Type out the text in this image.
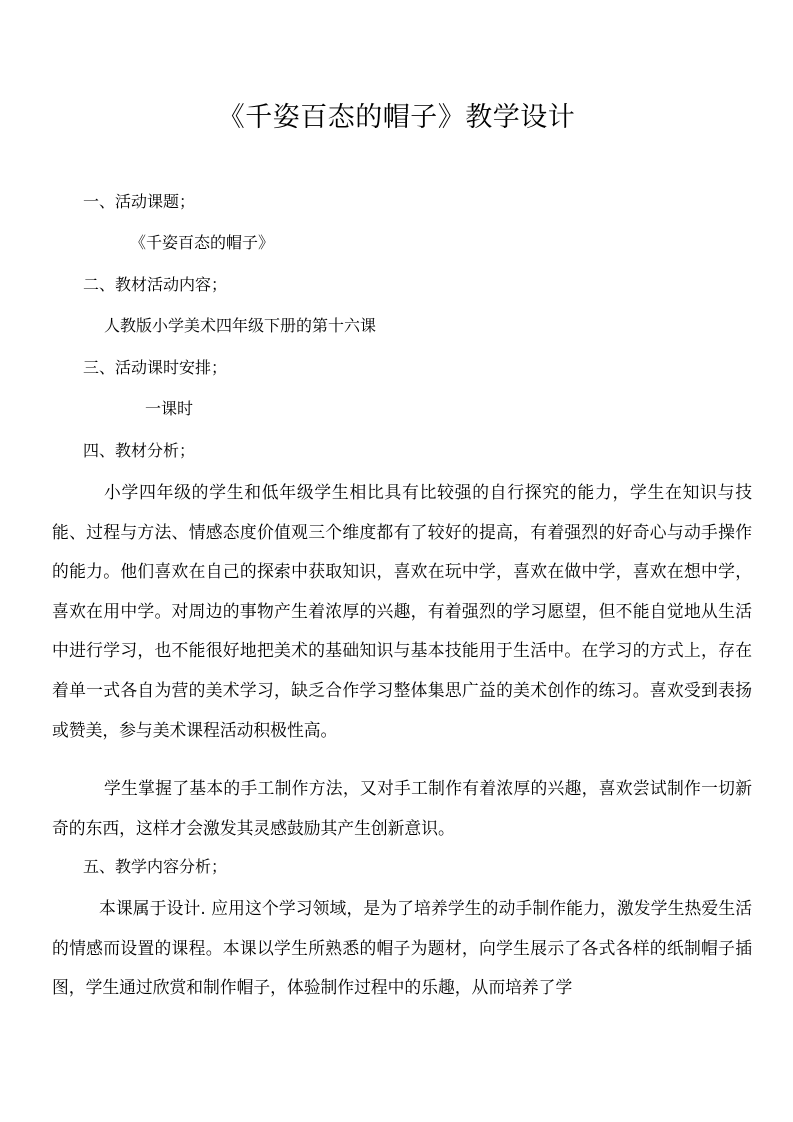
《千姿百态的帽子》教学设计
一、活动课题；
《千姿百态的帽子》
二、教材活动内容；
人教版小学美术四年级下册的第十六课
三、活动课时安排；
一课时
四、教材分析；
小学四年级的学生和低年级学生相比具有比较强的自行探究的能力，学生在知识与技能、过程与方法、情感态度价值观三个维度都有了较好的提高，有着强烈的好奇心与动手操作的能力。他们喜欢在自己的探索中获取知识，喜欢在玩中学，喜欢在做中学，喜欢在想中学，喜欢在用中学。对周边的事物产生着浓厚的兴趣，有着强烈的学习愿望，但不能自觉地从生活中进行学习，也不能很好地把美术的基础知识与基本技能用于生活中。在学习的方式上，存在着单一式各自为营的美术学习，缺乏合作学习整体集思广益的美术创作的练习。喜欢受到表扬或赞美，参与美术课程活动积极性高。
学生掌握了基本的手工制作方法，又对手工制作有着浓厚的兴趣，喜欢尝试制作一切新奇的东西，这样才会激发其灵感鼓励其产生创新意识。
五、教学内容分析；
本课属于设计. 应用这个学习领域，是为了培养学生的动手制作能力，激发学生热爱生活的情感而设置的课程。本课以学生所熟悉的帽子为题材，向学生展示了各式各样的纸制帽子插图，学生通过欣赏和制作帽子，体验制作过程中的乐趣，从而培养了学
